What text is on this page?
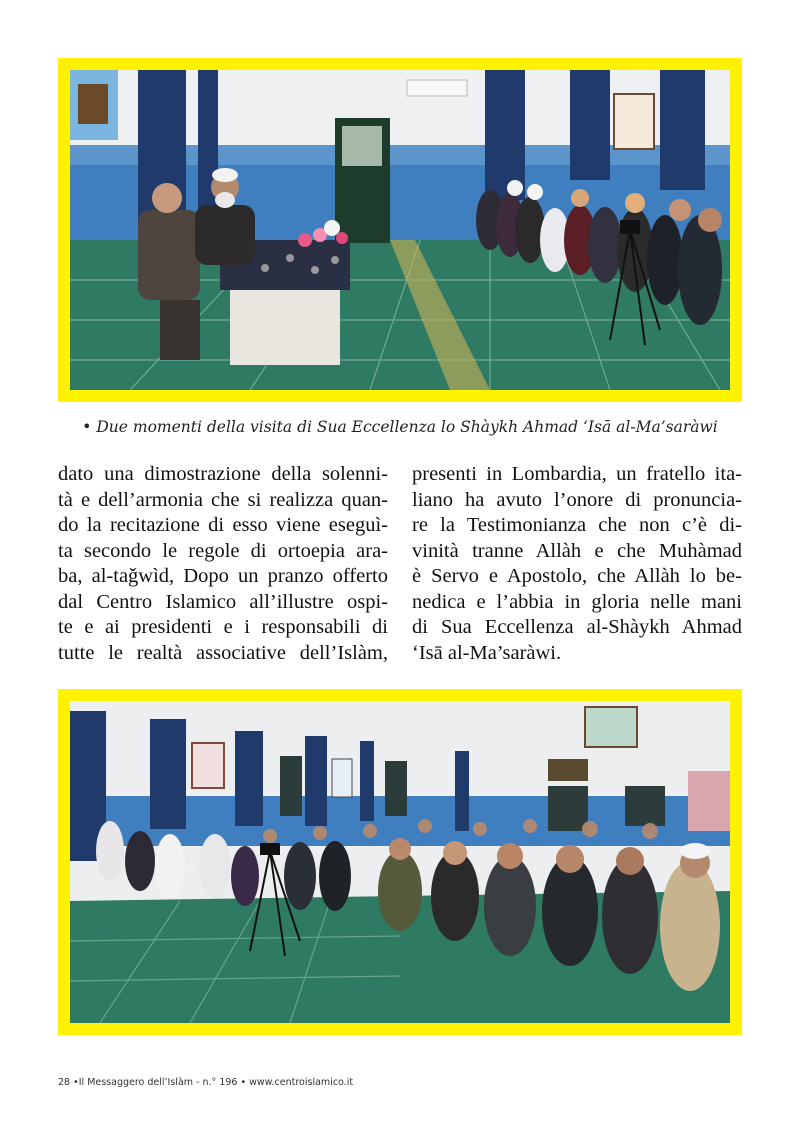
• Due momenti della visita di Sua Eccellenza lo Shàykh Ahmad ‘Isā al-Ma’saràwi
dato una dimostrazione della solenni-
tà e dell’armonia che si realizza quan-
do la recitazione di esso viene eseguì-
ta secondo le regole di ortoepia ara-
ba, al-taǧwìd, Dopo un pranzo offerto
dal Centro Islamico all’illustre ospi-
te e ai presidenti e i responsabili di
tutte le realtà associative dell’Islàm,
presenti in Lombardia, un fratello ita-
liano ha avuto l’onore di pronuncia-
re la Testimonianza che non c’è di-
vinità tranne Allàh e che Muhàmad
è Servo e Apostolo, che Allàh lo be-
nedica e l’abbia in gloria nelle mani
di Sua Eccellenza al-Shàykh Ahmad
‘Isā al-Ma’saràwi.
28 •Il Messaggero dell’Islàm - n.° 196 • www.centroislamico.it
